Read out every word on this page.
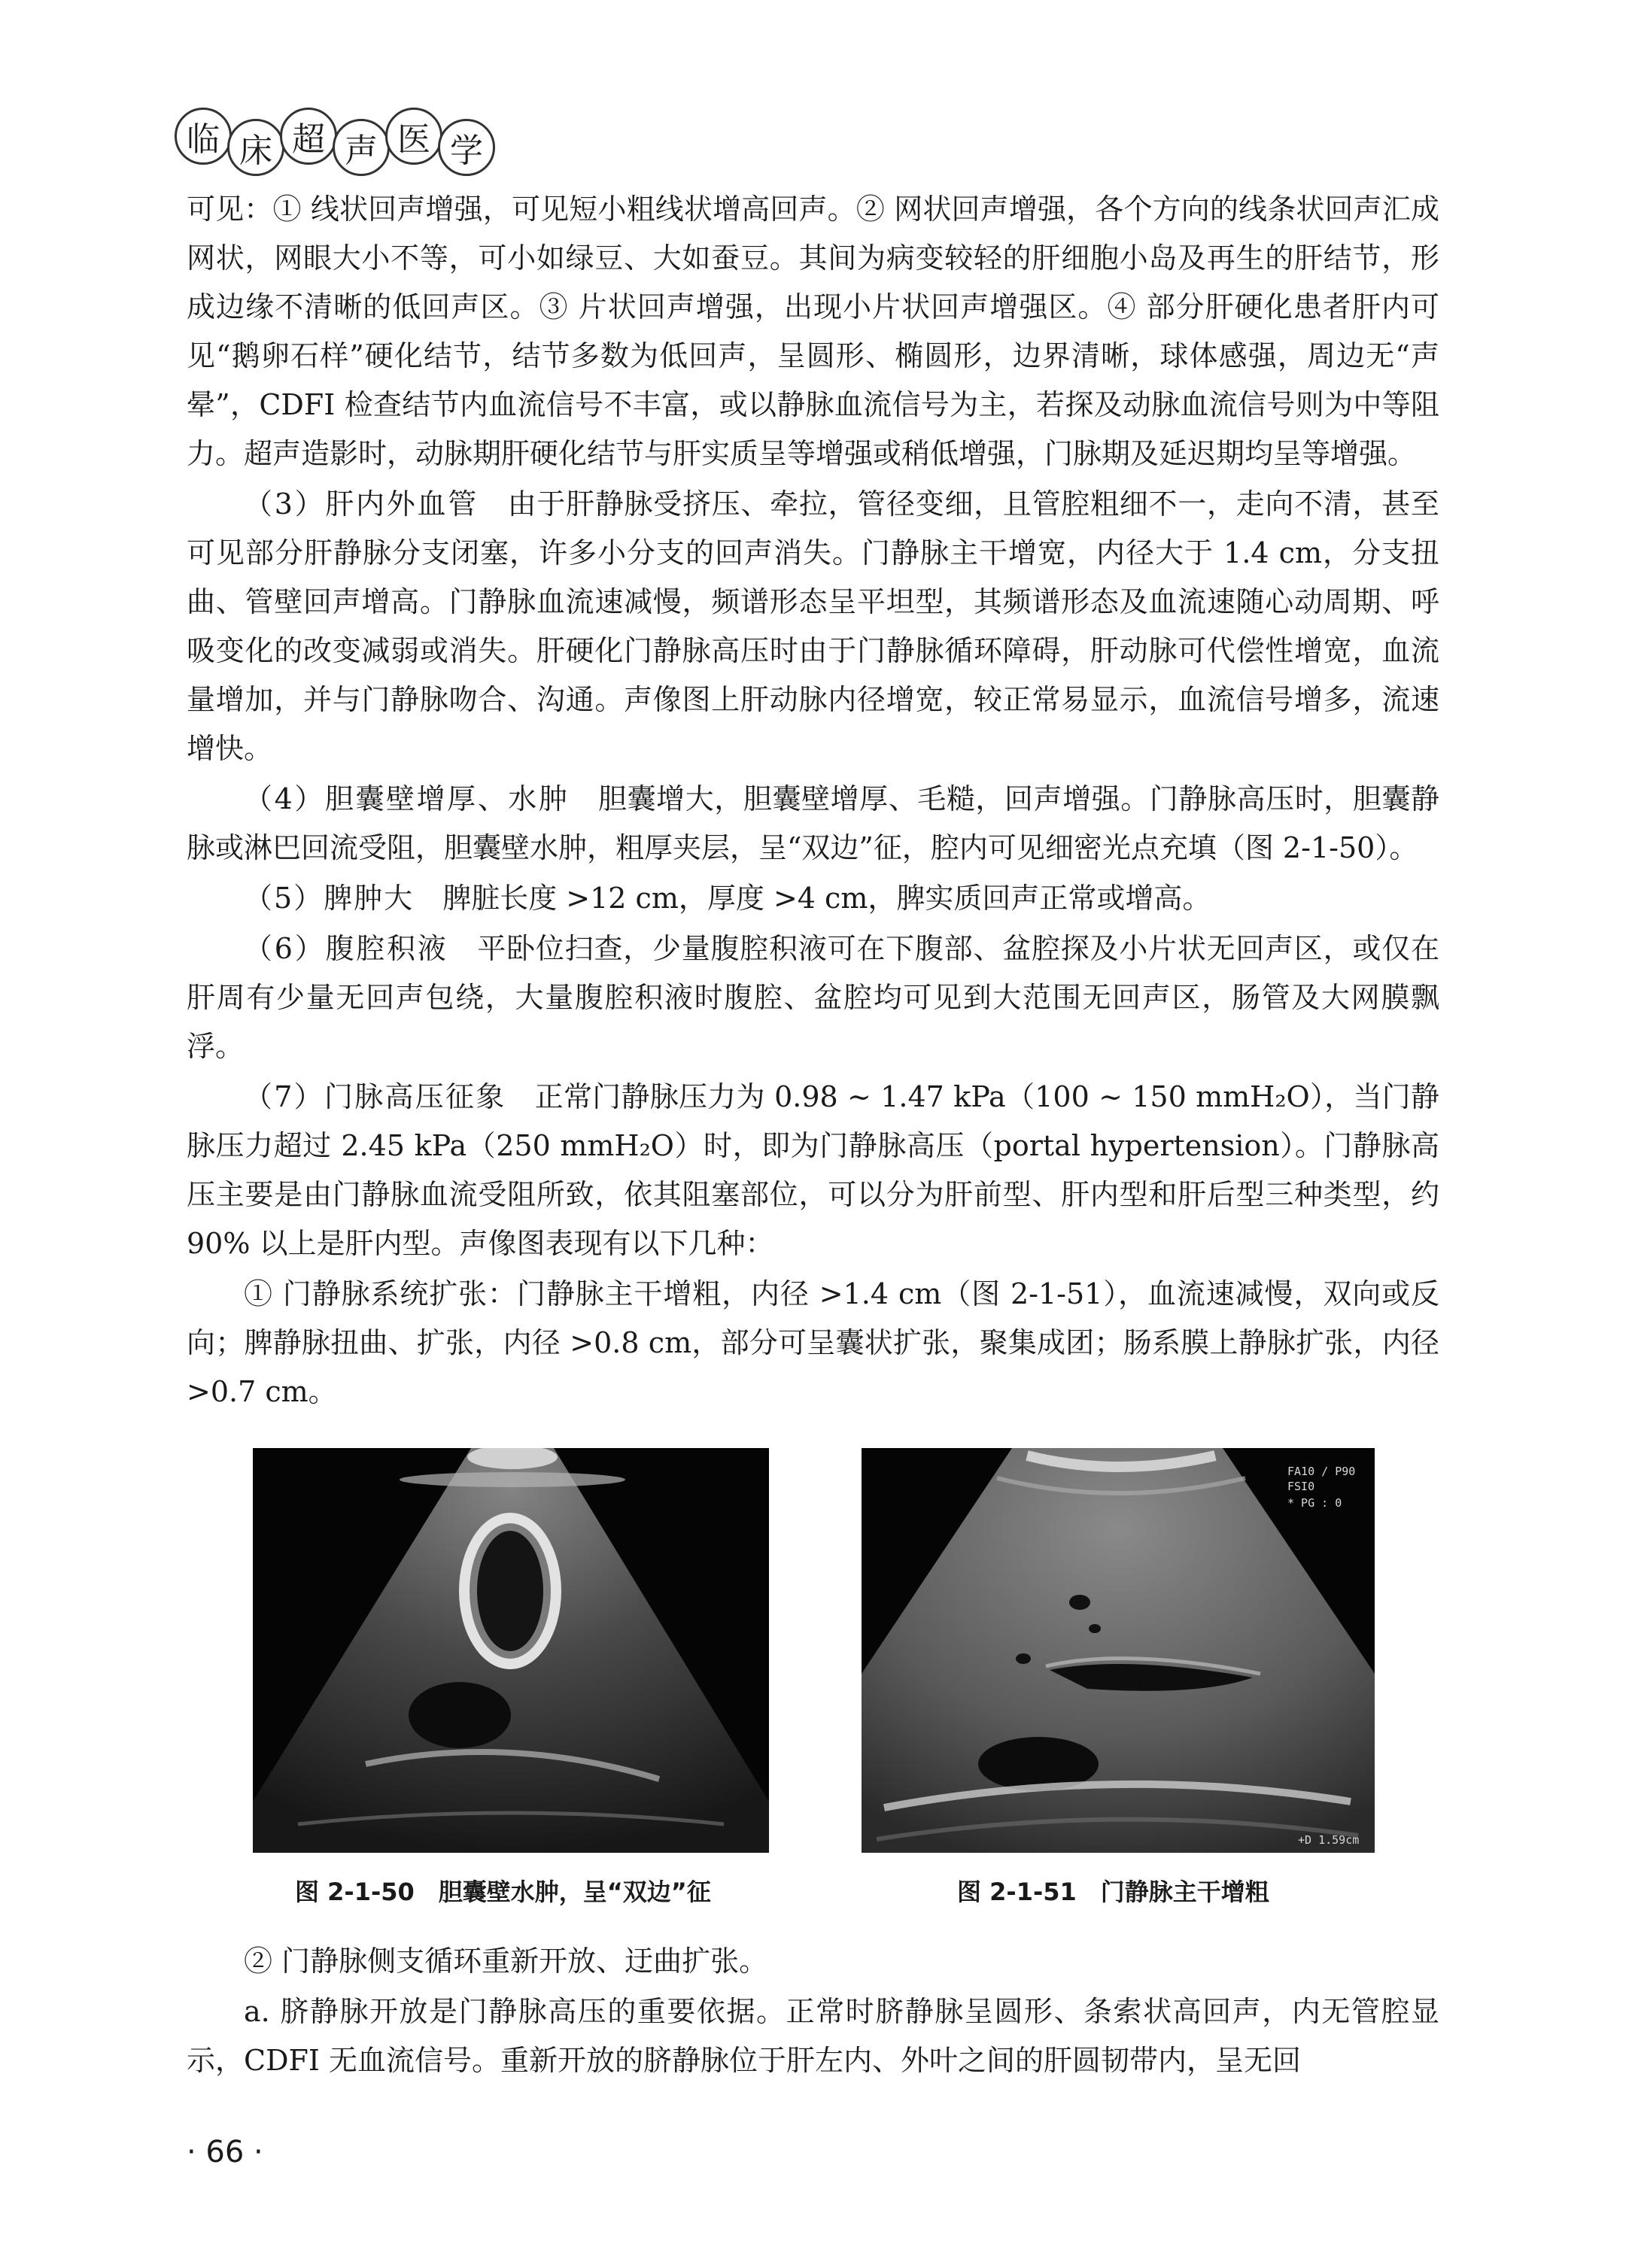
临 床 超 声 医 学

可见：① 线状回声增强，可见短小粗线状增高回声。② 网状回声增强，各个方向的线条状回声汇成网状，网眼大小不等，可小如绿豆、大如蚕豆。其间为病变较轻的肝细胞小岛及再生的肝结节，形成边缘不清晰的低回声区。③ 片状回声增强，出现小片状回声增强区。④ 部分肝硬化患者肝内可见“鹅卵石样”硬化结节，结节多数为低回声，呈圆形、椭圆形，边界清晰，球体感强，周边无“声晕”，CDFI 检查结节内血流信号不丰富，或以静脉血流信号为主，若探及动脉血流信号则为中等阻力。超声造影时，动脉期肝硬化结节与肝实质呈等增强或稍低增强，门脉期及延迟期均呈等增强。

（3）肝内外血管　 由于肝静脉受挤压、牵拉，管径变细，且管腔粗细不一，走向不清，甚至可见部分肝静脉分支闭塞，许多小分支的回声消失。门静脉主干增宽，内径大于 1.4 cm，分支扭曲、管壁回声增高。门静脉血流速减慢，频谱形态呈平坦型，其频谱形态及血流速随心动周期、呼吸变化的改变减弱或消失。肝硬化门静脉高压时由于门静脉循环障碍，肝动脉可代偿性增宽，血流量增加，并与门静脉吻合、沟通。声像图上肝动脉内径增宽，较正常易显示，血流信号增多，流速增快。

（4）胆囊壁增厚、水肿　 胆囊增大，胆囊壁增厚、毛糙，回声增强。门静脉高压时，胆囊静脉或淋巴回流受阻，胆囊壁水肿，粗厚夹层，呈“双边”征，腔内可见细密光点充填（图 2-1-50）。

（5）脾肿大　 脾脏长度 >12 cm，厚度 >4 cm，脾实质回声正常或增高。

（6）腹腔积液　 平卧位扫查，少量腹腔积液可在下腹部、盆腔探及小片状无回声区，或仅在肝周有少量无回声包绕，大量腹腔积液时腹腔、盆腔均可见到大范围无回声区，肠管及大网膜飘浮。

（7）门脉高压征象　 正常门静脉压力为 0.98 ~ 1.47 kPa（100 ~ 150 mmH₂O），当门静脉压力超过 2.45 kPa（250 mmH₂O）时，即为门静脉高压（portal hypertension）。门静脉高压主要是由门静脉血流受阻所致，依其阻塞部位，可以分为肝前型、肝内型和肝后型三种类型，约 90% 以上是肝内型。声像图表现有以下几种：

① 门静脉系统扩张：门静脉主干增粗，内径 >1.4 cm（图 2-1-51），血流速减慢，双向或反向；脾静脉扭曲、扩张，内径 >0.8 cm，部分可呈囊状扩张，聚集成团；肠系膜上静脉扩张，内径 >0.7 cm。

图 2-1-50　胆囊壁水肿，呈“双边”征
FA10 / P90
FSI0
* PG : 0
+D 1.59cm
图 2-1-51　门静脉主干增粗

② 门静脉侧支循环重新开放、迂曲扩张。

a. 脐静脉开放是门静脉高压的重要依据。正常时脐静脉呈圆形、条索状高回声，内无管腔显示，CDFI 无血流信号。重新开放的脐静脉位于肝左内、外叶之间的肝圆韧带内，呈无回

· 66 ·
